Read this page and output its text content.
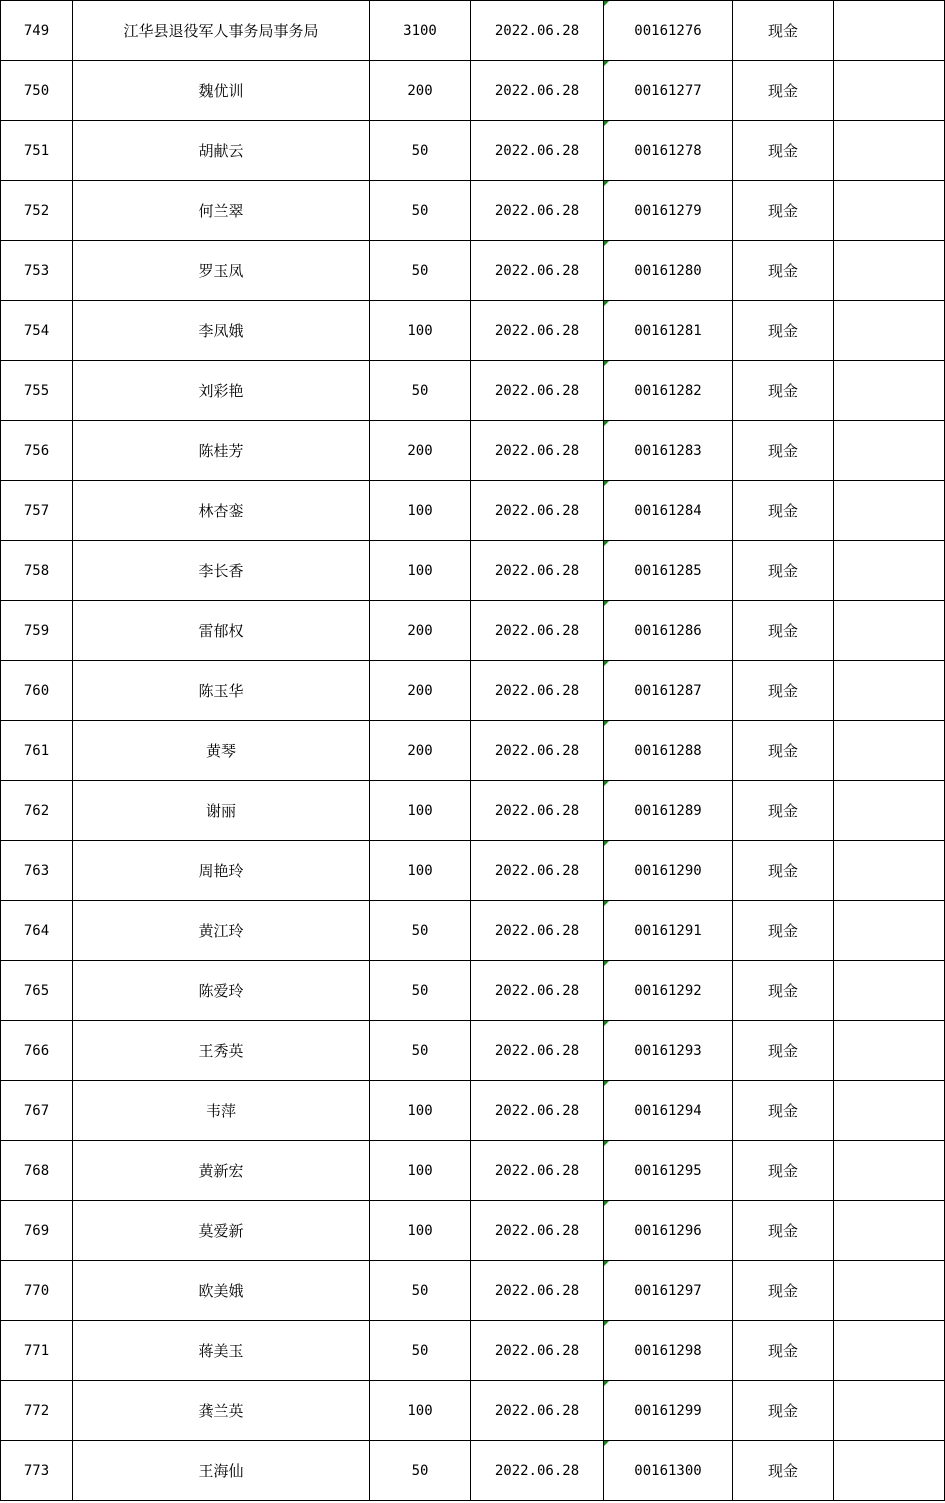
749	江华县退役军人事务局事务局	3100	2022.06.28	00161276	现金	
750	魏优训	200	2022.06.28	00161277	现金	
751	胡献云	50	2022.06.28	00161278	现金	
752	何兰翠	50	2022.06.28	00161279	现金	
753	罗玉凤	50	2022.06.28	00161280	现金	
754	李凤娥	100	2022.06.28	00161281	现金	
755	刘彩艳	50	2022.06.28	00161282	现金	
756	陈桂芳	200	2022.06.28	00161283	现金	
757	林杏銮	100	2022.06.28	00161284	现金	
758	李长香	100	2022.06.28	00161285	现金	
759	雷郁权	200	2022.06.28	00161286	现金	
760	陈玉华	200	2022.06.28	00161287	现金	
761	黄琴	200	2022.06.28	00161288	现金	
762	谢丽	100	2022.06.28	00161289	现金	
763	周艳玲	100	2022.06.28	00161290	现金	
764	黄江玲	50	2022.06.28	00161291	现金	
765	陈爱玲	50	2022.06.28	00161292	现金	
766	王秀英	50	2022.06.28	00161293	现金	
767	韦萍	100	2022.06.28	00161294	现金	
768	黄新宏	100	2022.06.28	00161295	现金	
769	莫爱新	100	2022.06.28	00161296	现金	
770	欧美娥	50	2022.06.28	00161297	现金	
771	蒋美玉	50	2022.06.28	00161298	现金	
772	龚兰英	100	2022.06.28	00161299	现金	
773	王海仙	50	2022.06.28	00161300	现金	
